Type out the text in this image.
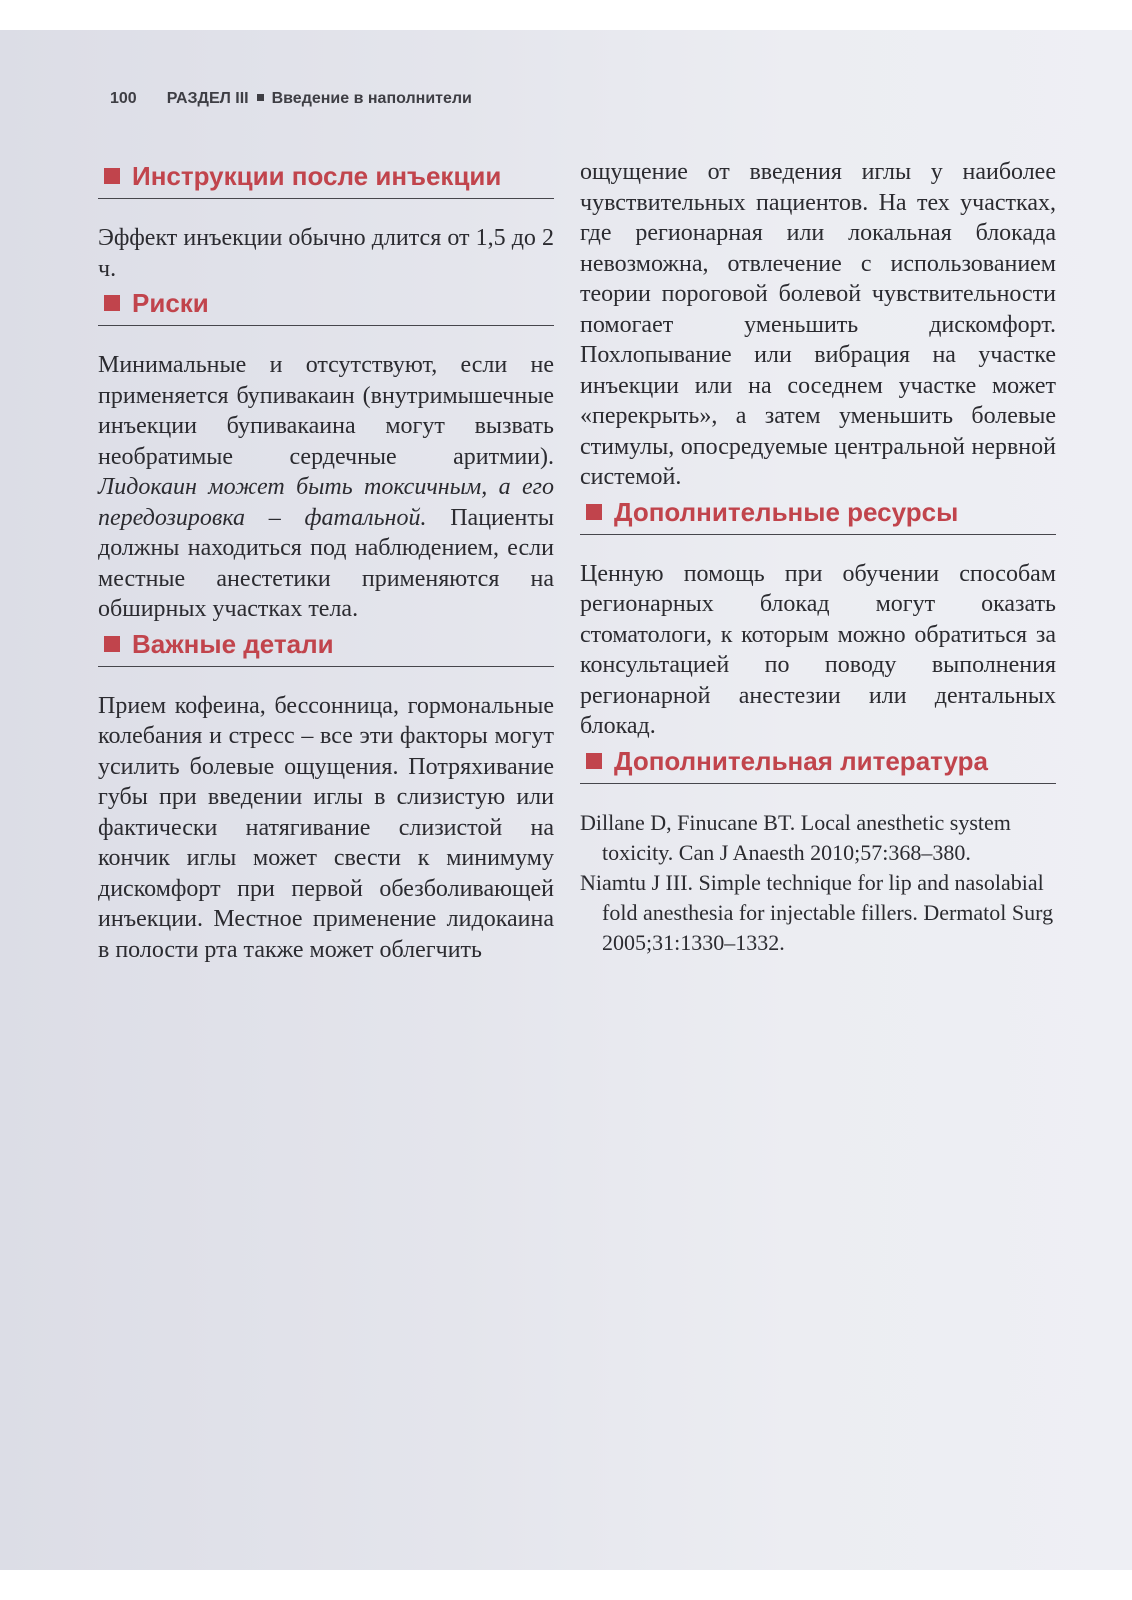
100 РАЗДЕЛ III Введение в наполнители
Инструкции после инъекции

Эффект инъекции обычно длится от 1,5 до 2 ч.

Риски

Минимальные и отсутствуют, если не применяется бупивакаин (внутримышечные инъекции бупивакаина могут вызвать необратимые сердечные аритмии). Лидокаин может быть токсичным, а его передозировка – фатальной. Пациенты должны находиться под наблюдением, если местные анестетики применяются на обширных участках тела.

Важные детали

Прием кофеина, бессонница, гормональные колебания и стресс – все эти факторы могут усилить болевые ощущения. Потряхивание губы при введении иглы в слизистую или фактически натягивание слизистой на кончик иглы может свести к минимуму дискомфорт при первой обезболивающей инъекции. Местное применение лидокаина в полости рта также может облегчить

ощущение от введения иглы у наиболее чувствительных пациентов. На тех участках, где регионарная или локальная блокада невозможна, отвлечение с использованием теории пороговой болевой чувствительности помогает уменьшить дискомфорт. Похлопывание или вибрация на участке инъекции или на соседнем участке может «перекрыть», а затем уменьшить болевые стимулы, опосредуемые центральной нервной системой.

Дополнительные ресурсы

Ценную помощь при обучении способам регионарных блокад могут оказать стоматологи, к которым можно обратиться за консультацией по поводу выполнения регионарной анестезии или дентальных блокад.

Дополнительная литература

Dillane D, Finucane BT. Local anesthetic system toxicity. Can J Anaesth 2010;57:368–380.

Niamtu J III. Simple technique for lip and nasolabial fold anesthesia for injectable fillers. Dermatol Surg 2005;31:1330–1332.
